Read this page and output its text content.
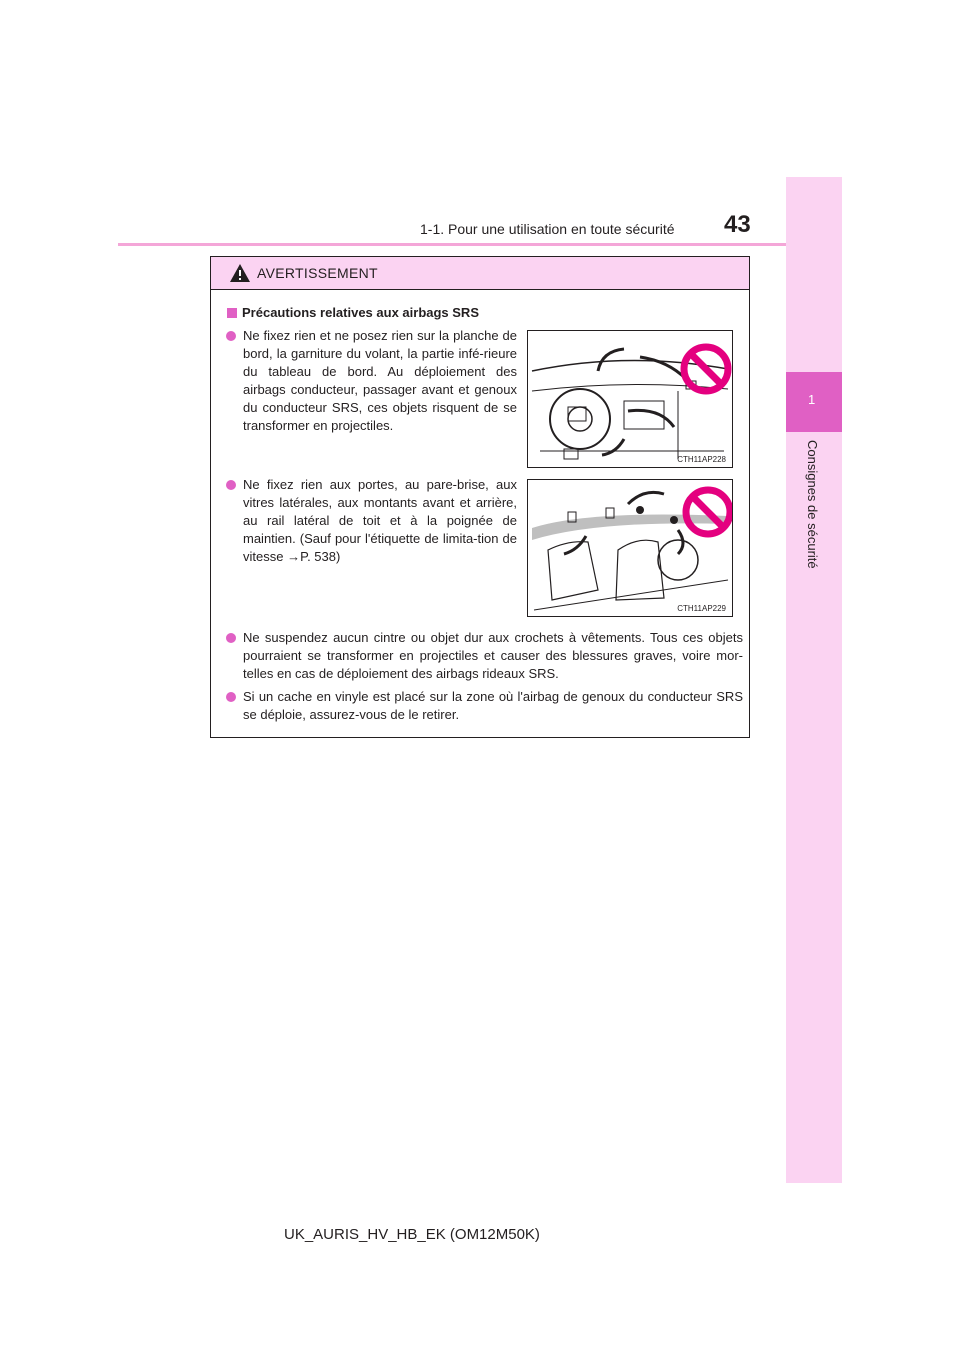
1-1. Pour une utilisation en toute sécurité 43
1
Consignes de sécurité
AVERTISSEMENT
Précautions relatives aux airbags SRS
Ne fixez rien et ne posez rien sur la planche de bord, la garniture du volant, la partie infé-rieure du tableau de bord. Au déploiement des airbags conducteur, passager avant et genoux du conducteur SRS, ces objets risquent de se transformer en projectiles.
CTH11AP228
Ne fixez rien aux portes, au pare-brise, aux vitres latérales, aux montants avant et arrière, au rail latéral de toit et à la poignée de maintien. (Sauf pour l'étiquette de limita-tion de vitesse →P. 538)
CTH11AP229
Ne suspendez aucun cintre ou objet dur aux crochets à vêtements. Tous ces objets pourraient se transformer en projectiles et causer des blessures graves, voire mor-telles en cas de déploiement des airbags rideaux SRS.
Si un cache en vinyle est placé sur la zone où l'airbag de genoux du conducteur SRS se déploie, assurez-vous de le retirer.
UK_AURIS_HV_HB_EK (OM12M50K)
